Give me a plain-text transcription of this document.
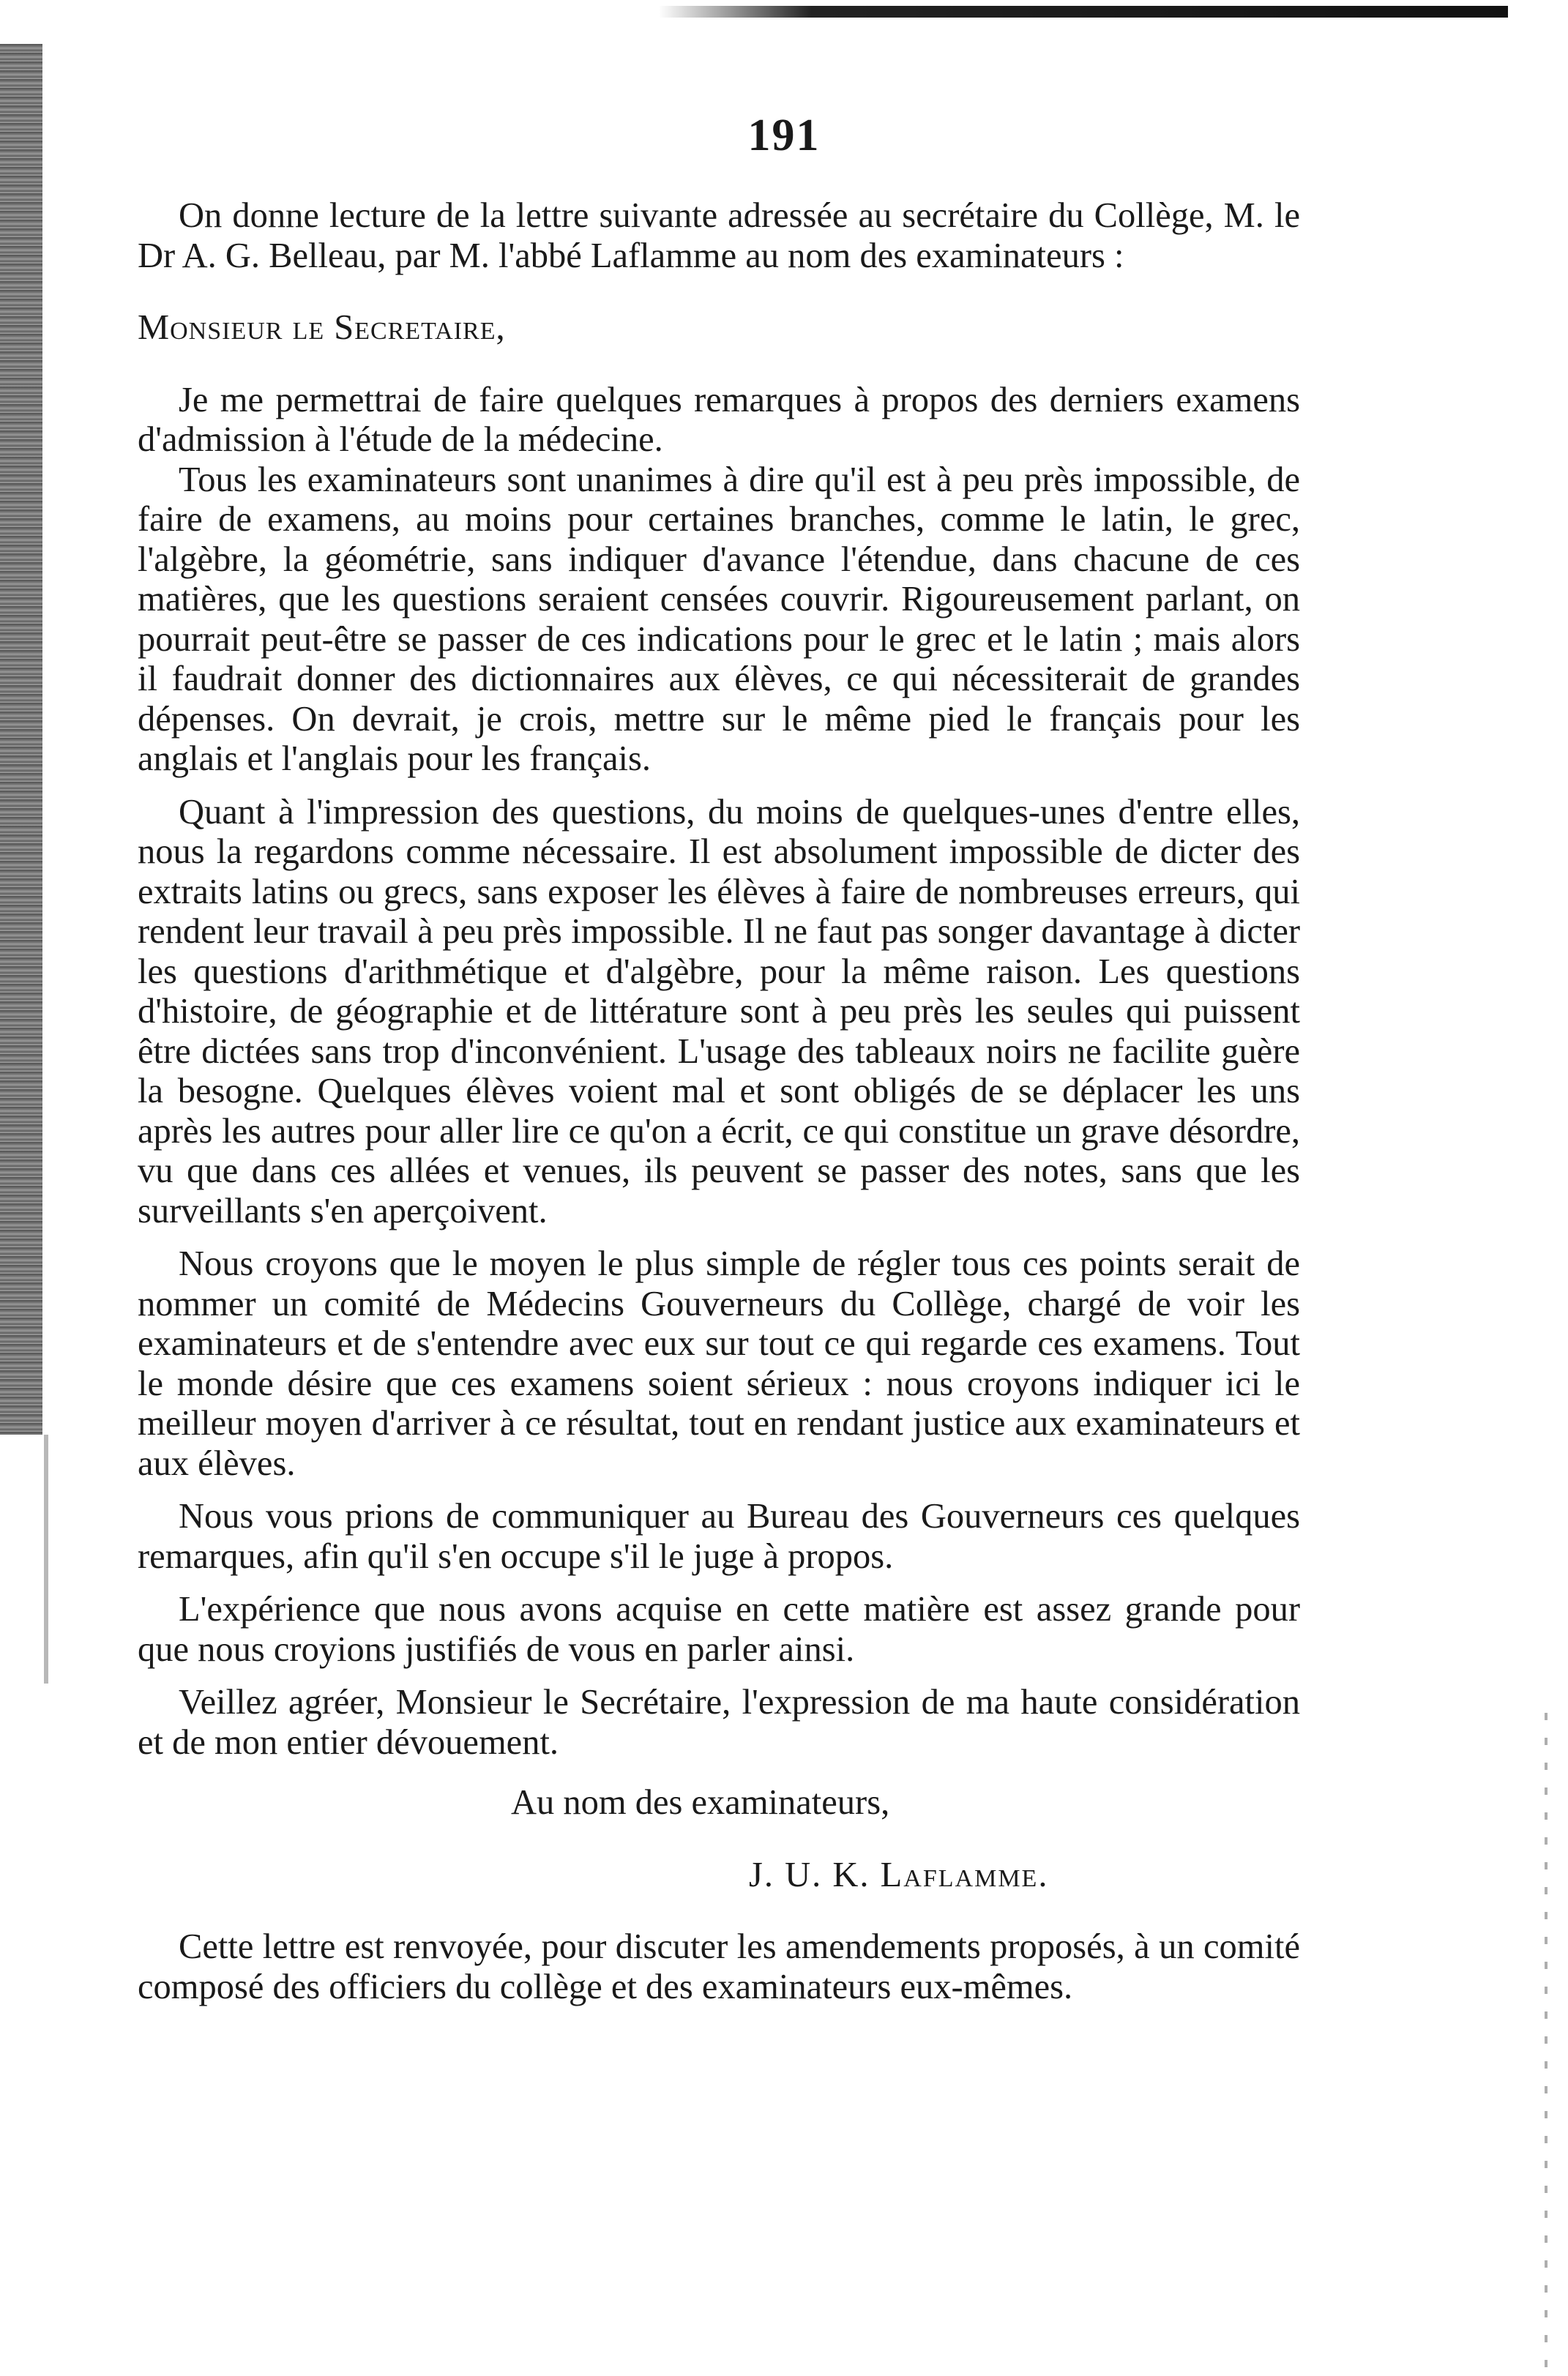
191

On donne lecture de la lettre suivante adressée au secrétaire du Collège, M. le Dr A. G. Belleau, par M. l'abbé Laflamme au nom des examinateurs :

Monsieur le Secretaire,

Je me permettrai de faire quelques remarques à propos des derniers examens d'admission à l'étude de la médecine.

Tous les examinateurs sont unanimes à dire qu'il est à peu près impossible, de faire de examens, au moins pour certaines branches, comme le latin, le grec, l'algèbre, la géométrie, sans indiquer d'avance l'étendue, dans chacune de ces matières, que les questions seraient censées couvrir. Rigoureusement parlant, on pourrait peut-être se passer de ces indications pour le grec et le latin ; mais alors il faudrait donner des dictionnaires aux élèves, ce qui nécessiterait de grandes dépenses. On devrait, je crois, mettre sur le même pied le français pour les anglais et l'anglais pour les français.

Quant à l'impression des questions, du moins de quelques-unes d'entre elles, nous la regardons comme nécessaire. Il est absolument impossible de dicter des extraits latins ou grecs, sans exposer les élèves à faire de nombreuses erreurs, qui rendent leur travail à peu près impossible. Il ne faut pas songer davantage à dicter les questions d'arithmétique et d'algèbre, pour la même raison. Les questions d'histoire, de géographie et de littérature sont à peu près les seules qui puissent être dictées sans trop d'inconvénient. L'usage des tableaux noirs ne facilite guère la besogne. Quelques élèves voient mal et sont obligés de se déplacer les uns après les autres pour aller lire ce qu'on a écrit, ce qui constitue un grave désordre, vu que dans ces allées et venues, ils peuvent se passer des notes, sans que les surveillants s'en aperçoivent.

Nous croyons que le moyen le plus simple de régler tous ces points serait de nommer un comité de Médecins Gouverneurs du Collège, chargé de voir les examinateurs et de s'entendre avec eux sur tout ce qui regarde ces examens. Tout le monde désire que ces examens soient sérieux : nous croyons indiquer ici le meilleur moyen d'arriver à ce résultat, tout en rendant justice aux examinateurs et aux élèves.

Nous vous prions de communiquer au Bureau des Gouverneurs ces quelques remarques, afin qu'il s'en occupe s'il le juge à propos.

L'expérience que nous avons acquise en cette matière est assez grande pour que nous croyions justifiés de vous en parler ainsi.

Veillez agréer, Monsieur le Secrétaire, l'expression de ma haute considération et de mon entier dévouement.

Au nom des examinateurs,

J. U. K. Laflamme.

Cette lettre est renvoyée, pour discuter les amendements proposés, à un comité composé des officiers du collège et des examinateurs eux-mêmes.
